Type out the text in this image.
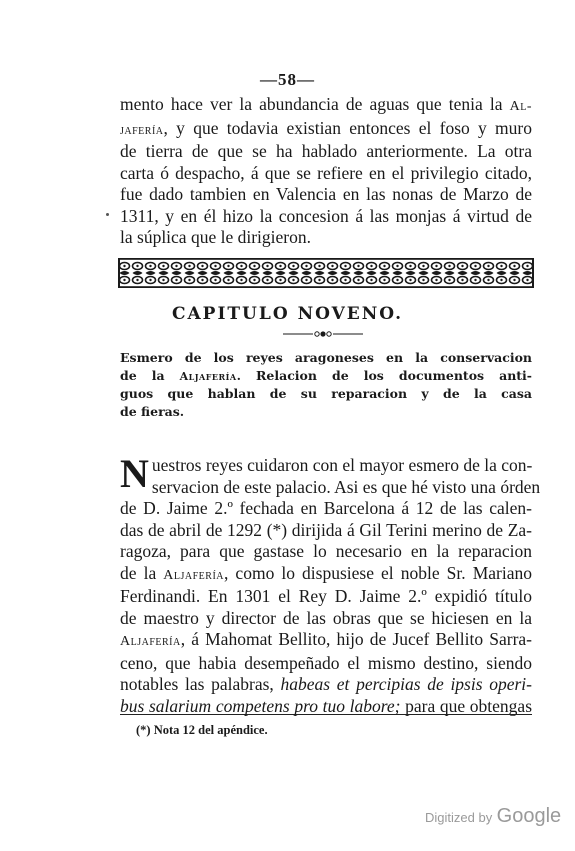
—58—
mento hace ver la abundancia de aguas que tenia la Al-
jafería, y que todavia existian entonces el foso y muro
de tierra de que se ha hablado anteriormente. La otra
carta ó despacho, á que se refiere en el privilegio citado,
fue dado tambien en Valencia en las nonas de Marzo de
1311, y en él hizo la concesion á las monjas á virtud de
la súplica que le dirigieron.
CAPITULO NOVENO.
Esmero de los reyes aragoneses en la conservacion
de la Aljafería. Relacion de los documentos anti-
guos que hablan de su reparacion y de la casa
de fieras.
N uestros reyes cuidaron con el mayor esmero de la con-
servacion de este palacio. Asi es que hé visto una órden
de D. Jaime 2.º fechada en Barcelona á 12 de las calen-
das de abril de 1292 (*) dirijida á Gil Terini merino de Za-
ragoza, para que gastase lo necesario en la reparacion
de la Aljafería, como lo dispusiese el noble Sr. Mariano
Ferdinandi. En 1301 el Rey D. Jaime 2.º expidió título
de maestro y director de las obras que se hiciesen en la
Aljafería, á Mahomat Bellito, hijo de Jucef Bellito Sarra-
ceno, que habia desempeñado el mismo destino, siendo
notables las palabras, habeas et percipias de ipsis operi-
bus salarium competens pro tuo labore; para que obtengas
(*) Nota 12 del apéndice.
Digitized by Google
